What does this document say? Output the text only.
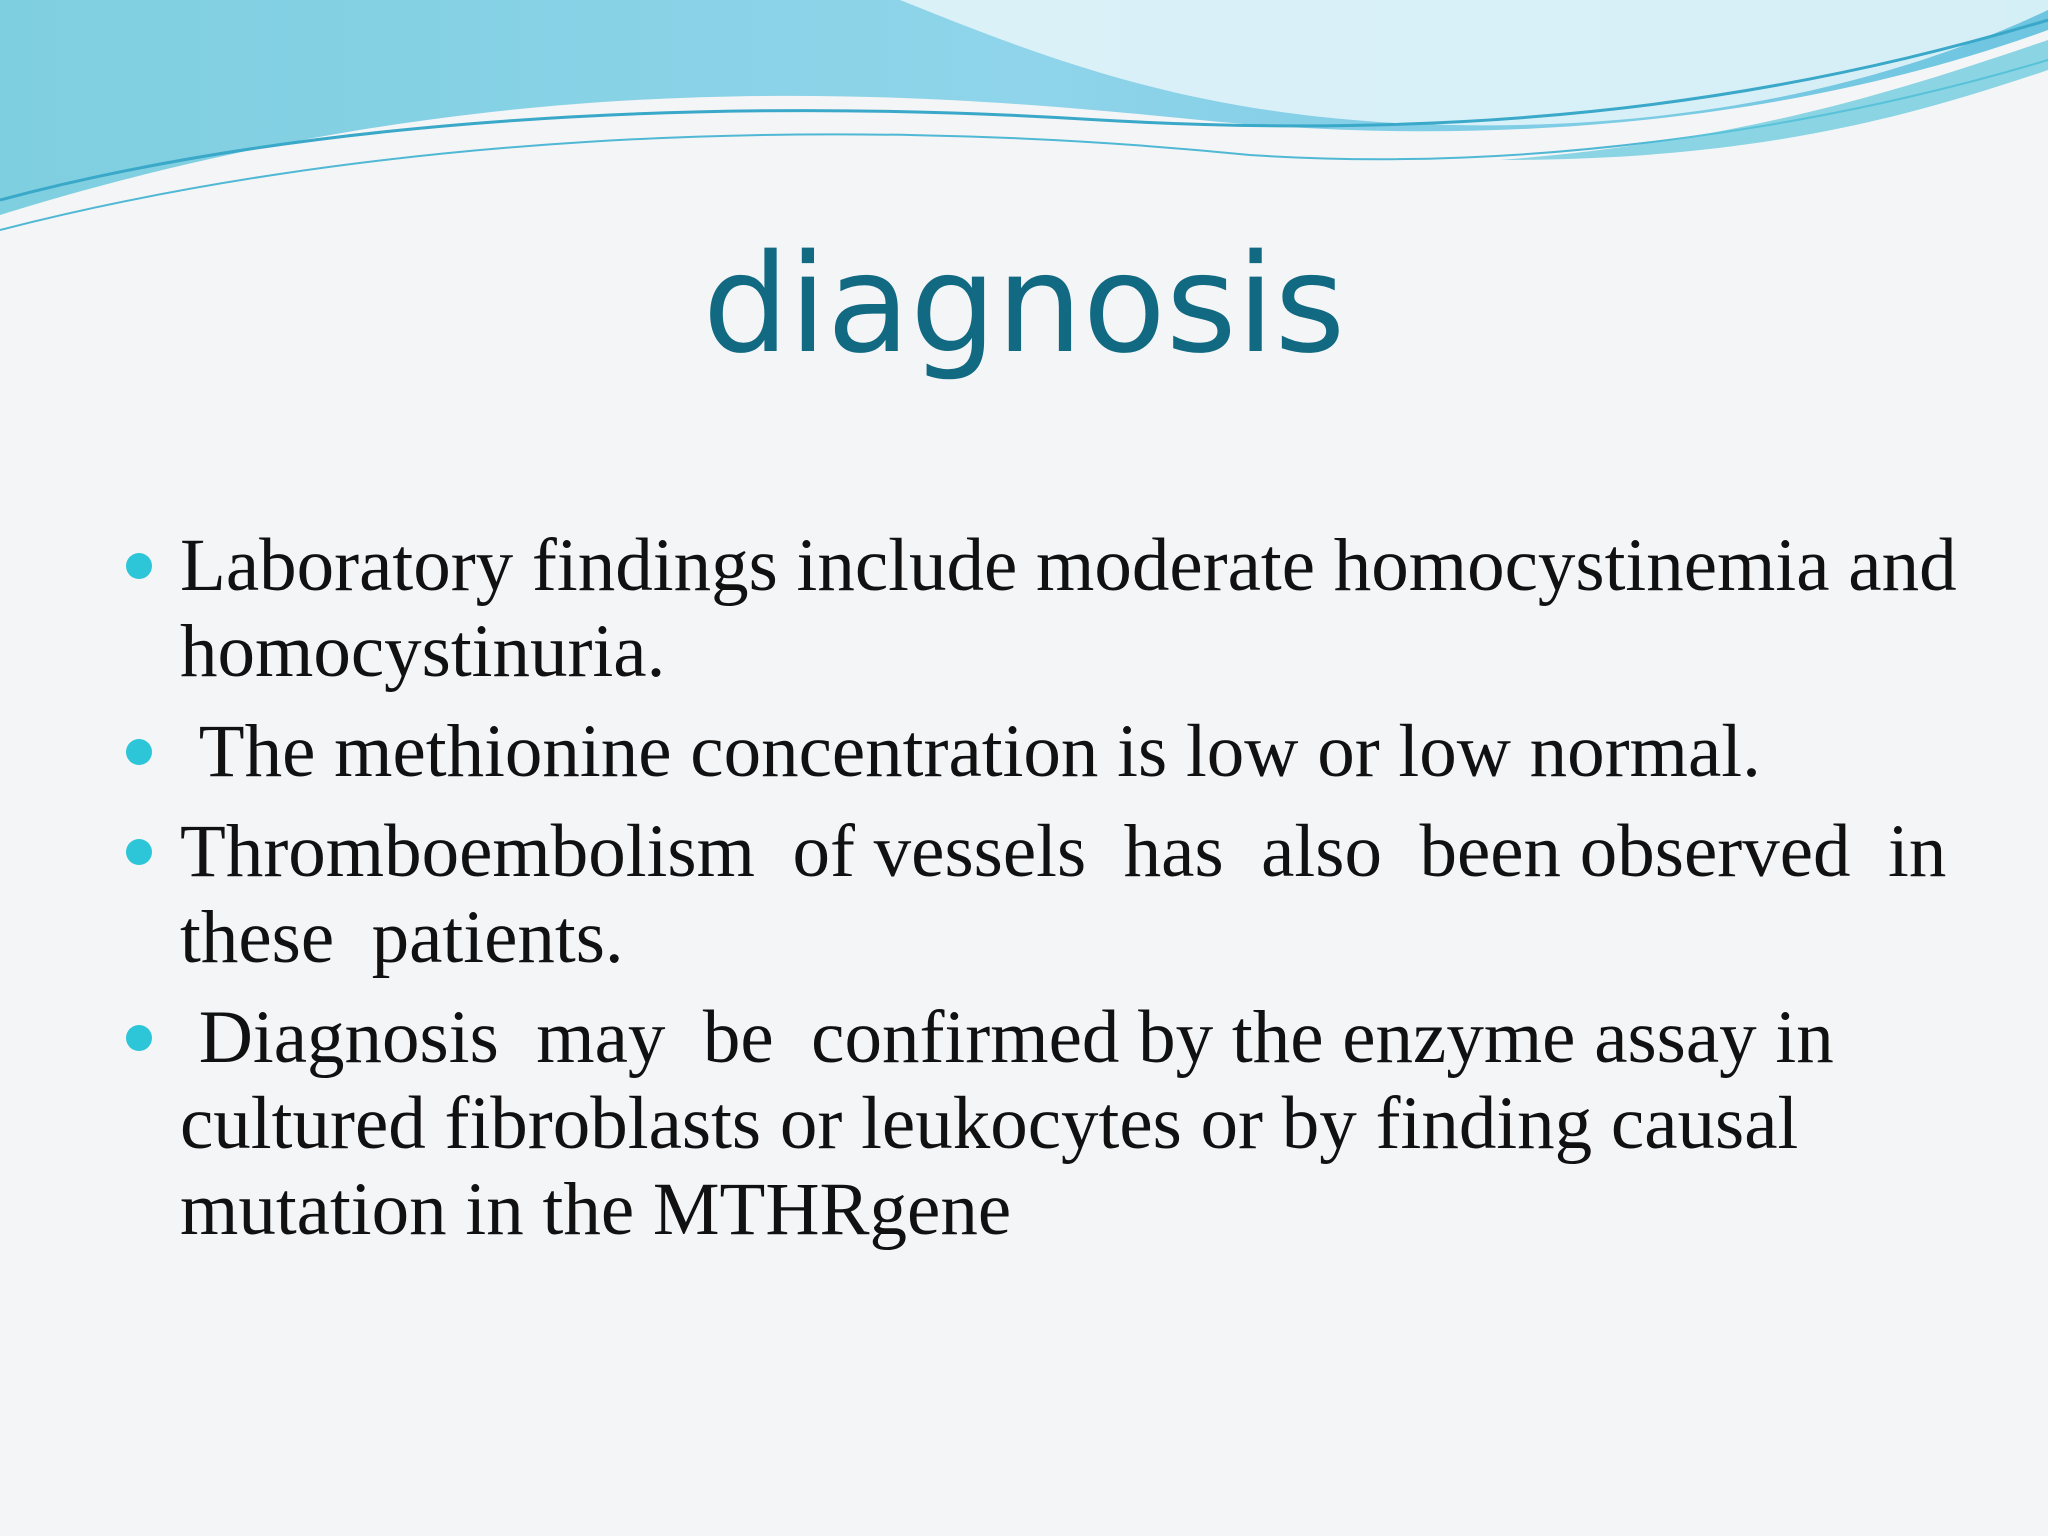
diagnosis
Laboratory findings include moderate homocystinemia and homocystinuria.
The methionine concentration is low or low normal.
Thromboembolism  of vessels  has  also  been observed  in  these  patients.
Diagnosis  may  be  confirmed by the enzyme assay in cultured fibroblasts or leukocytes or by finding causal mutation in the MTHRgene
